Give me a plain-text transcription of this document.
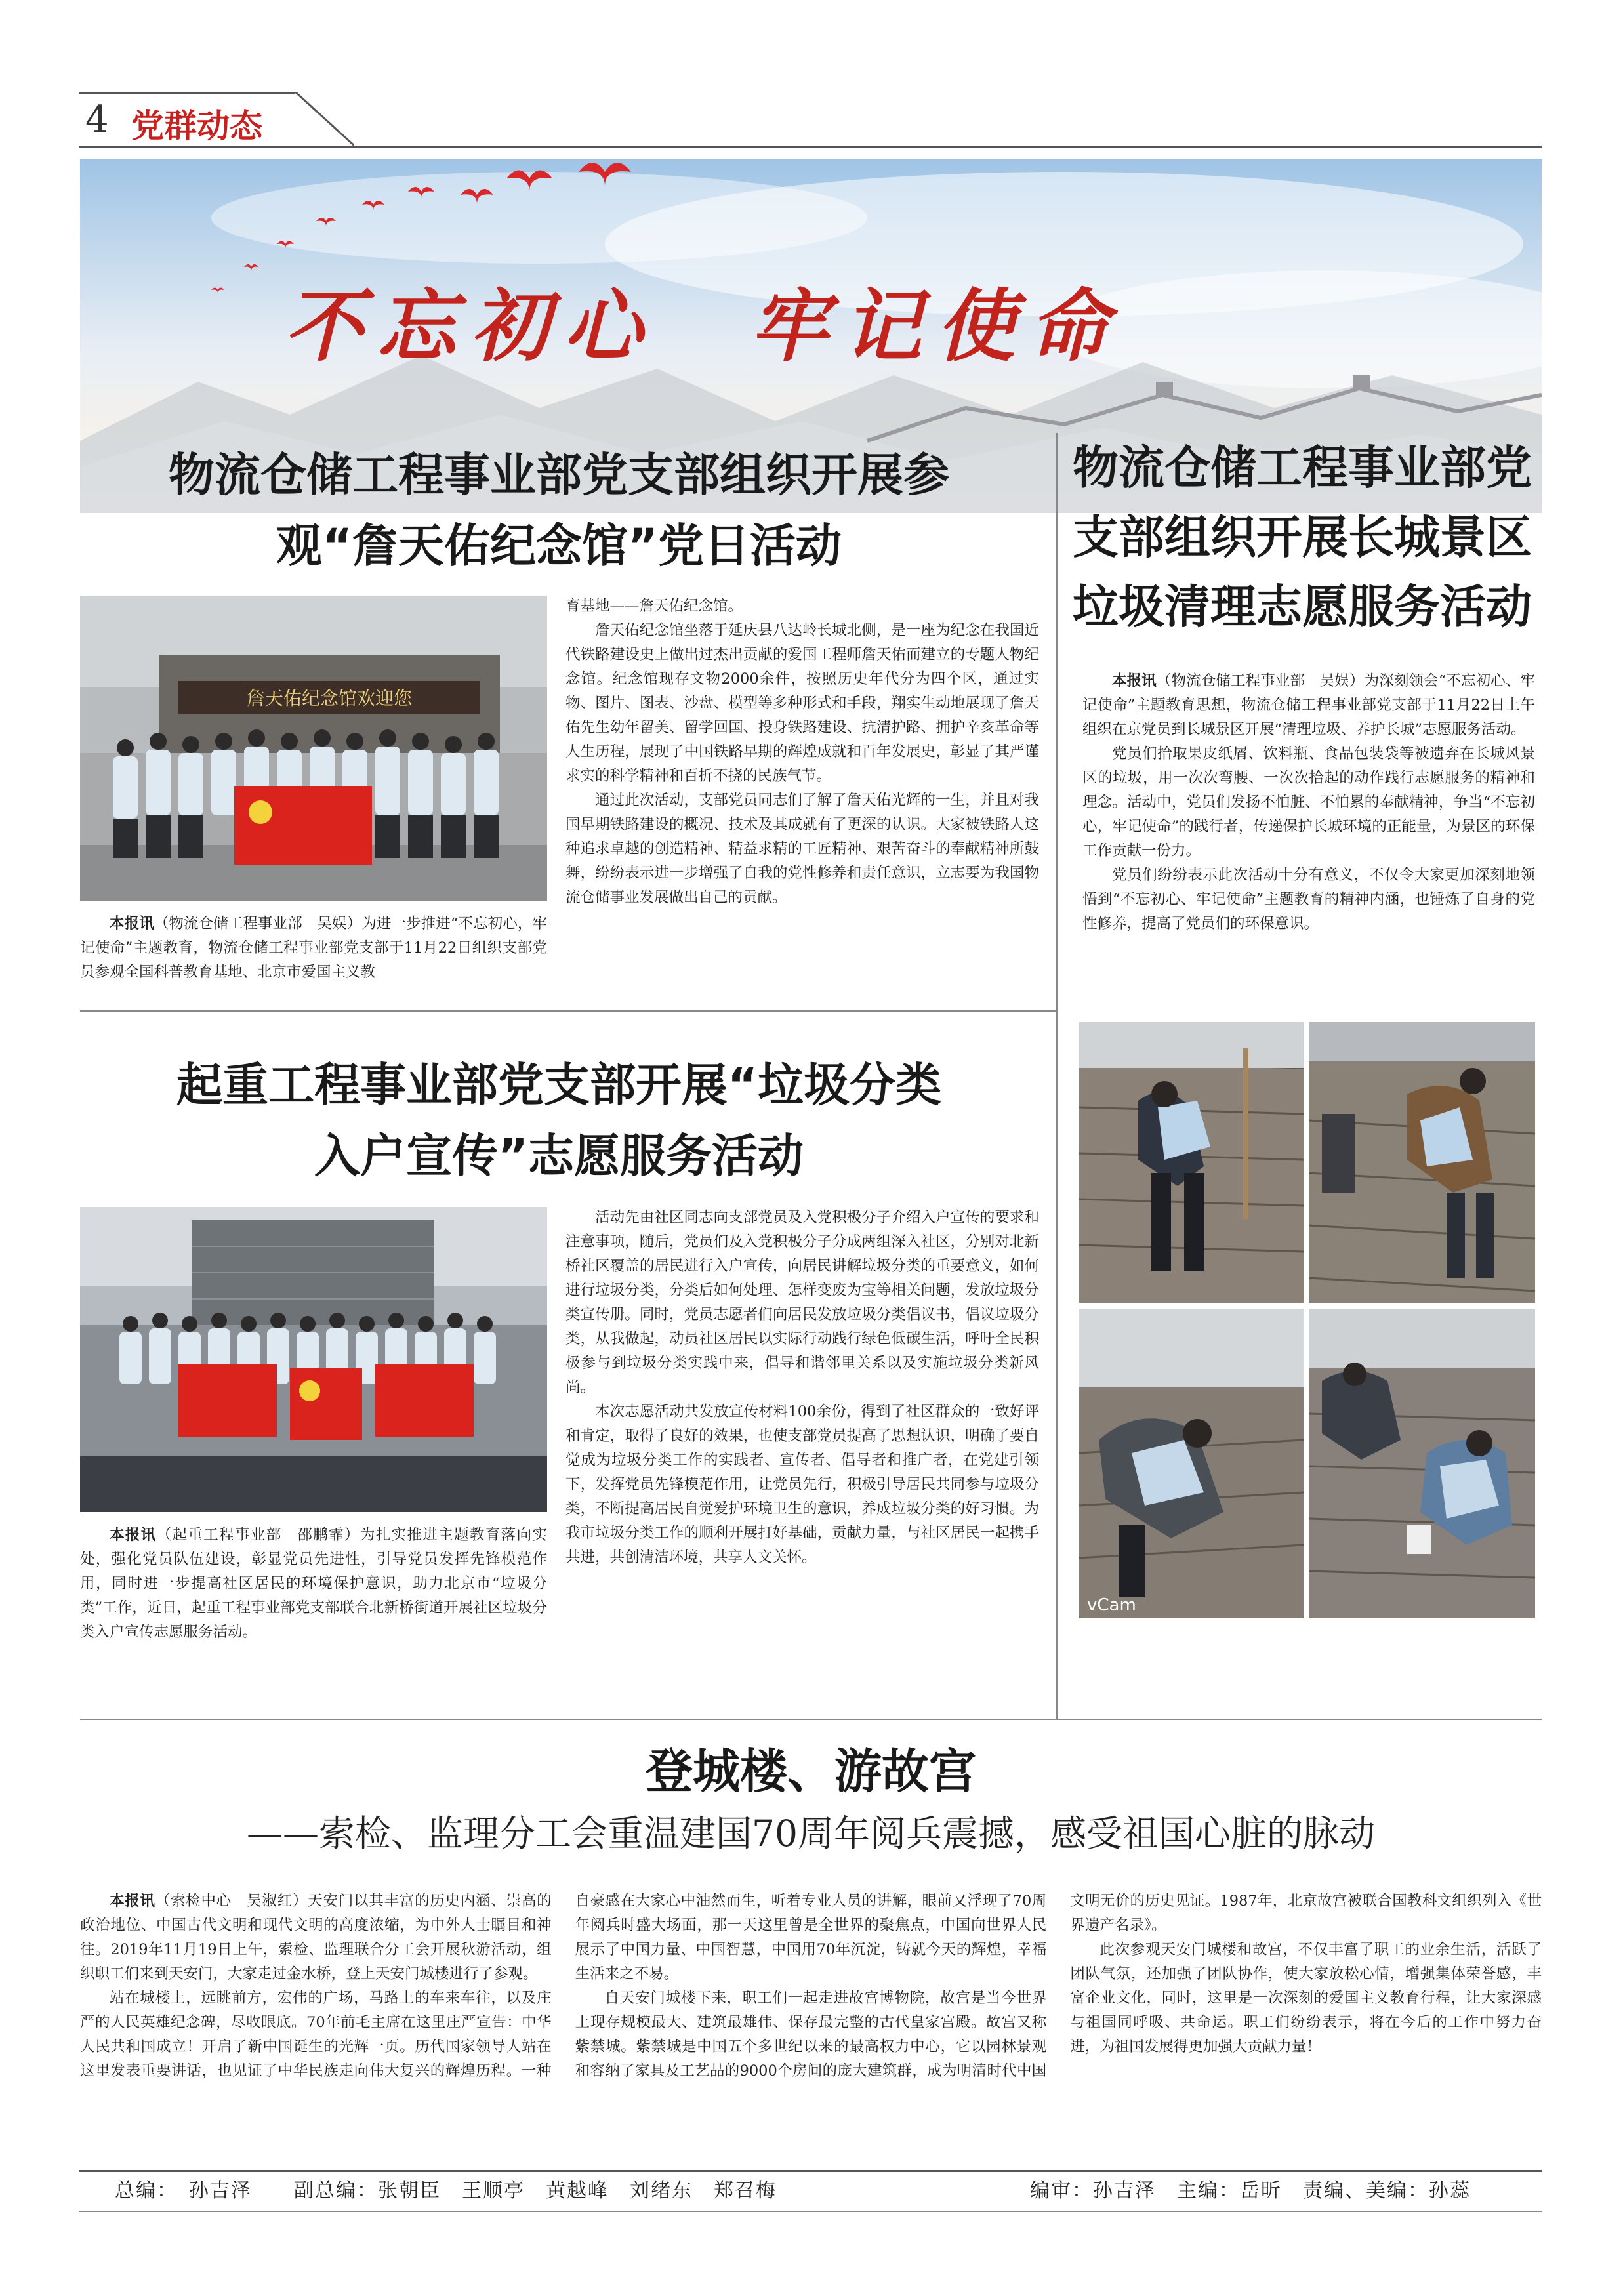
4 党群动态
不忘初心　牢记使命
物流仓储工程事业部党支部组织开展参
观“詹天佑纪念馆”党日活动
詹天佑纪念馆欢迎您

本报讯（物流仓储工程事业部　吴娱）为进一步推进“不忘初心，牢记使命”主题教育，物流仓储工程事业部党支部于11月22日组织支部党员参观全国科普教育基地、北京市爱国主义教

育基地——詹天佑纪念馆。

詹天佑纪念馆坐落于延庆县八达岭长城北侧，是一座为纪念在我国近代铁路建设史上做出过杰出贡献的爱国工程师詹天佑而建立的专题人物纪念馆。纪念馆现存文物2000余件，按照历史年代分为四个区，通过实物、图片、图表、沙盘、模型等多种形式和手段，翔实生动地展现了詹天佑先生幼年留美、留学回国、投身铁路建设、抗清护路、拥护辛亥革命等人生历程，展现了中国铁路早期的辉煌成就和百年发展史，彰显了其严谨求实的科学精神和百折不挠的民族气节。

通过此次活动，支部党员同志们了解了詹天佑光辉的一生，并且对我国早期铁路建设的概况、技术及其成就有了更深的认识。大家被铁路人这种追求卓越的创造精神、精益求精的工匠精神、艰苦奋斗的奉献精神所鼓舞，纷纷表示进一步增强了自我的党性修养和责任意识，立志要为我国物流仓储事业发展做出自己的贡献。

物流仓储工程事业部党
支部组织开展长城景区
垃圾清理志愿服务活动

本报讯（物流仓储工程事业部　吴娱）为深刻领会“不忘初心、牢记使命”主题教育思想，物流仓储工程事业部党支部于11月22日上午组织在京党员到长城景区开展“清理垃圾、养护长城”志愿服务活动。

党员们拾取果皮纸屑、饮料瓶、食品包装袋等被遗弃在长城风景区的垃圾，用一次次弯腰、一次次拾起的动作践行志愿服务的精神和理念。活动中，党员们发扬不怕脏、不怕累的奉献精神，争当“不忘初心，牢记使命”的践行者，传递保护长城环境的正能量，为景区的环保工作贡献一份力。

党员们纷纷表示此次活动十分有意义，不仅令大家更加深刻地领悟到“不忘初心、牢记使命”主题教育的精神内涵，也锤炼了自身的党性修养，提高了党员们的环保意识。

vCam
起重工程事业部党支部开展“垃圾分类
入户宣传”志愿服务活动

本报讯（起重工程事业部　邵鹏霏）为扎实推进主题教育落向实处，强化党员队伍建设，彰显党员先进性，引导党员发挥先锋模范作用，同时进一步提高社区居民的环境保护意识，助力北京市“垃圾分类”工作，近日，起重工程事业部党支部联合北新桥街道开展社区垃圾分类入户宣传志愿服务活动。

活动先由社区同志向支部党员及入党积极分子介绍入户宣传的要求和注意事项，随后，党员们及入党积极分子分成两组深入社区，分别对北新桥社区覆盖的居民进行入户宣传，向居民讲解垃圾分类的重要意义，如何进行垃圾分类，分类后如何处理、怎样变废为宝等相关问题，发放垃圾分类宣传册。同时，党员志愿者们向居民发放垃圾分类倡议书，倡议垃圾分类，从我做起，动员社区居民以实际行动践行绿色低碳生活，呼吁全民积极参与到垃圾分类实践中来，倡导和谐邻里关系以及实施垃圾分类新风尚。

本次志愿活动共发放宣传材料100余份，得到了社区群众的一致好评和肯定，取得了良好的效果，也使支部党员提高了思想认识，明确了要自觉成为垃圾分类工作的实践者、宣传者、倡导者和推广者，在党建引领下，发挥党员先锋模范作用，让党员先行，积极引导居民共同参与垃圾分类，不断提高居民自觉爱护环境卫生的意识，养成垃圾分类的好习惯。为我市垃圾分类工作的顺利开展打好基础，贡献力量，与社区居民一起携手共进，共创清洁环境，共享人文关怀。

登城楼、游故宫
——索检、监理分工会重温建国70周年阅兵震撼，感受祖国心脏的脉动

本报讯（索检中心　吴淑红）天安门以其丰富的历史内涵、崇高的政治地位、中国古代文明和现代文明的高度浓缩，为中外人士瞩目和神往。2019年11月19日上午，索检、监理联合分工会开展秋游活动，组织职工们来到天安门，大家走过金水桥，登上天安门城楼进行了参观。

站在城楼上，远眺前方，宏伟的广场，马路上的车来车往，以及庄严的人民英雄纪念碑，尽收眼底。70年前毛主席在这里庄严宣告：中华人民共和国成立！开启了新中国诞生的光辉一页。历代国家领导人站在这里发表重要讲话，也见证了中华民族走向伟大复兴的辉煌历程。一种自豪感在大家心中油然而生，听着专业人员的讲解，眼前又浮现了70周年阅兵时盛大场面，那一天这里曾是全世界的聚焦点，中国向世界人民展示了中国力量、中国智慧，中国用70年沉淀，铸就今天的辉煌，幸福生活来之不易。

自天安门城楼下来，职工们一起走进故宫博物院，故宫是当今世界上现存规模最大、建筑最雄伟、保存最完整的古代皇家宫殿。故宫又称紫禁城。紫禁城是中国五个多世纪以来的最高权力中心，它以园林景观和容纳了家具及工艺品的9000个房间的庞大建筑群，成为明清时代中国文明无价的历史见证。1987年，北京故宫被联合国教科文组织列入《世界遗产名录》。

此次参观天安门城楼和故宫，不仅丰富了职工的业余生活，活跃了团队气氛，还加强了团队协作，使大家放松心情，增强集体荣誉感，丰富企业文化，同时，这里是一次深刻的爱国主义教育行程，让大家深感与祖国同呼吸、共命运。职工们纷纷表示，将在今后的工作中努力奋进，为祖国发展得更加强大贡献力量！

总编：　孙吉泽　　副总编：张朝臣　王顺亭　黄越峰　刘绪东　郑召梅	编审：孙吉泽　主编：岳昕　责编、美编：孙蕊
